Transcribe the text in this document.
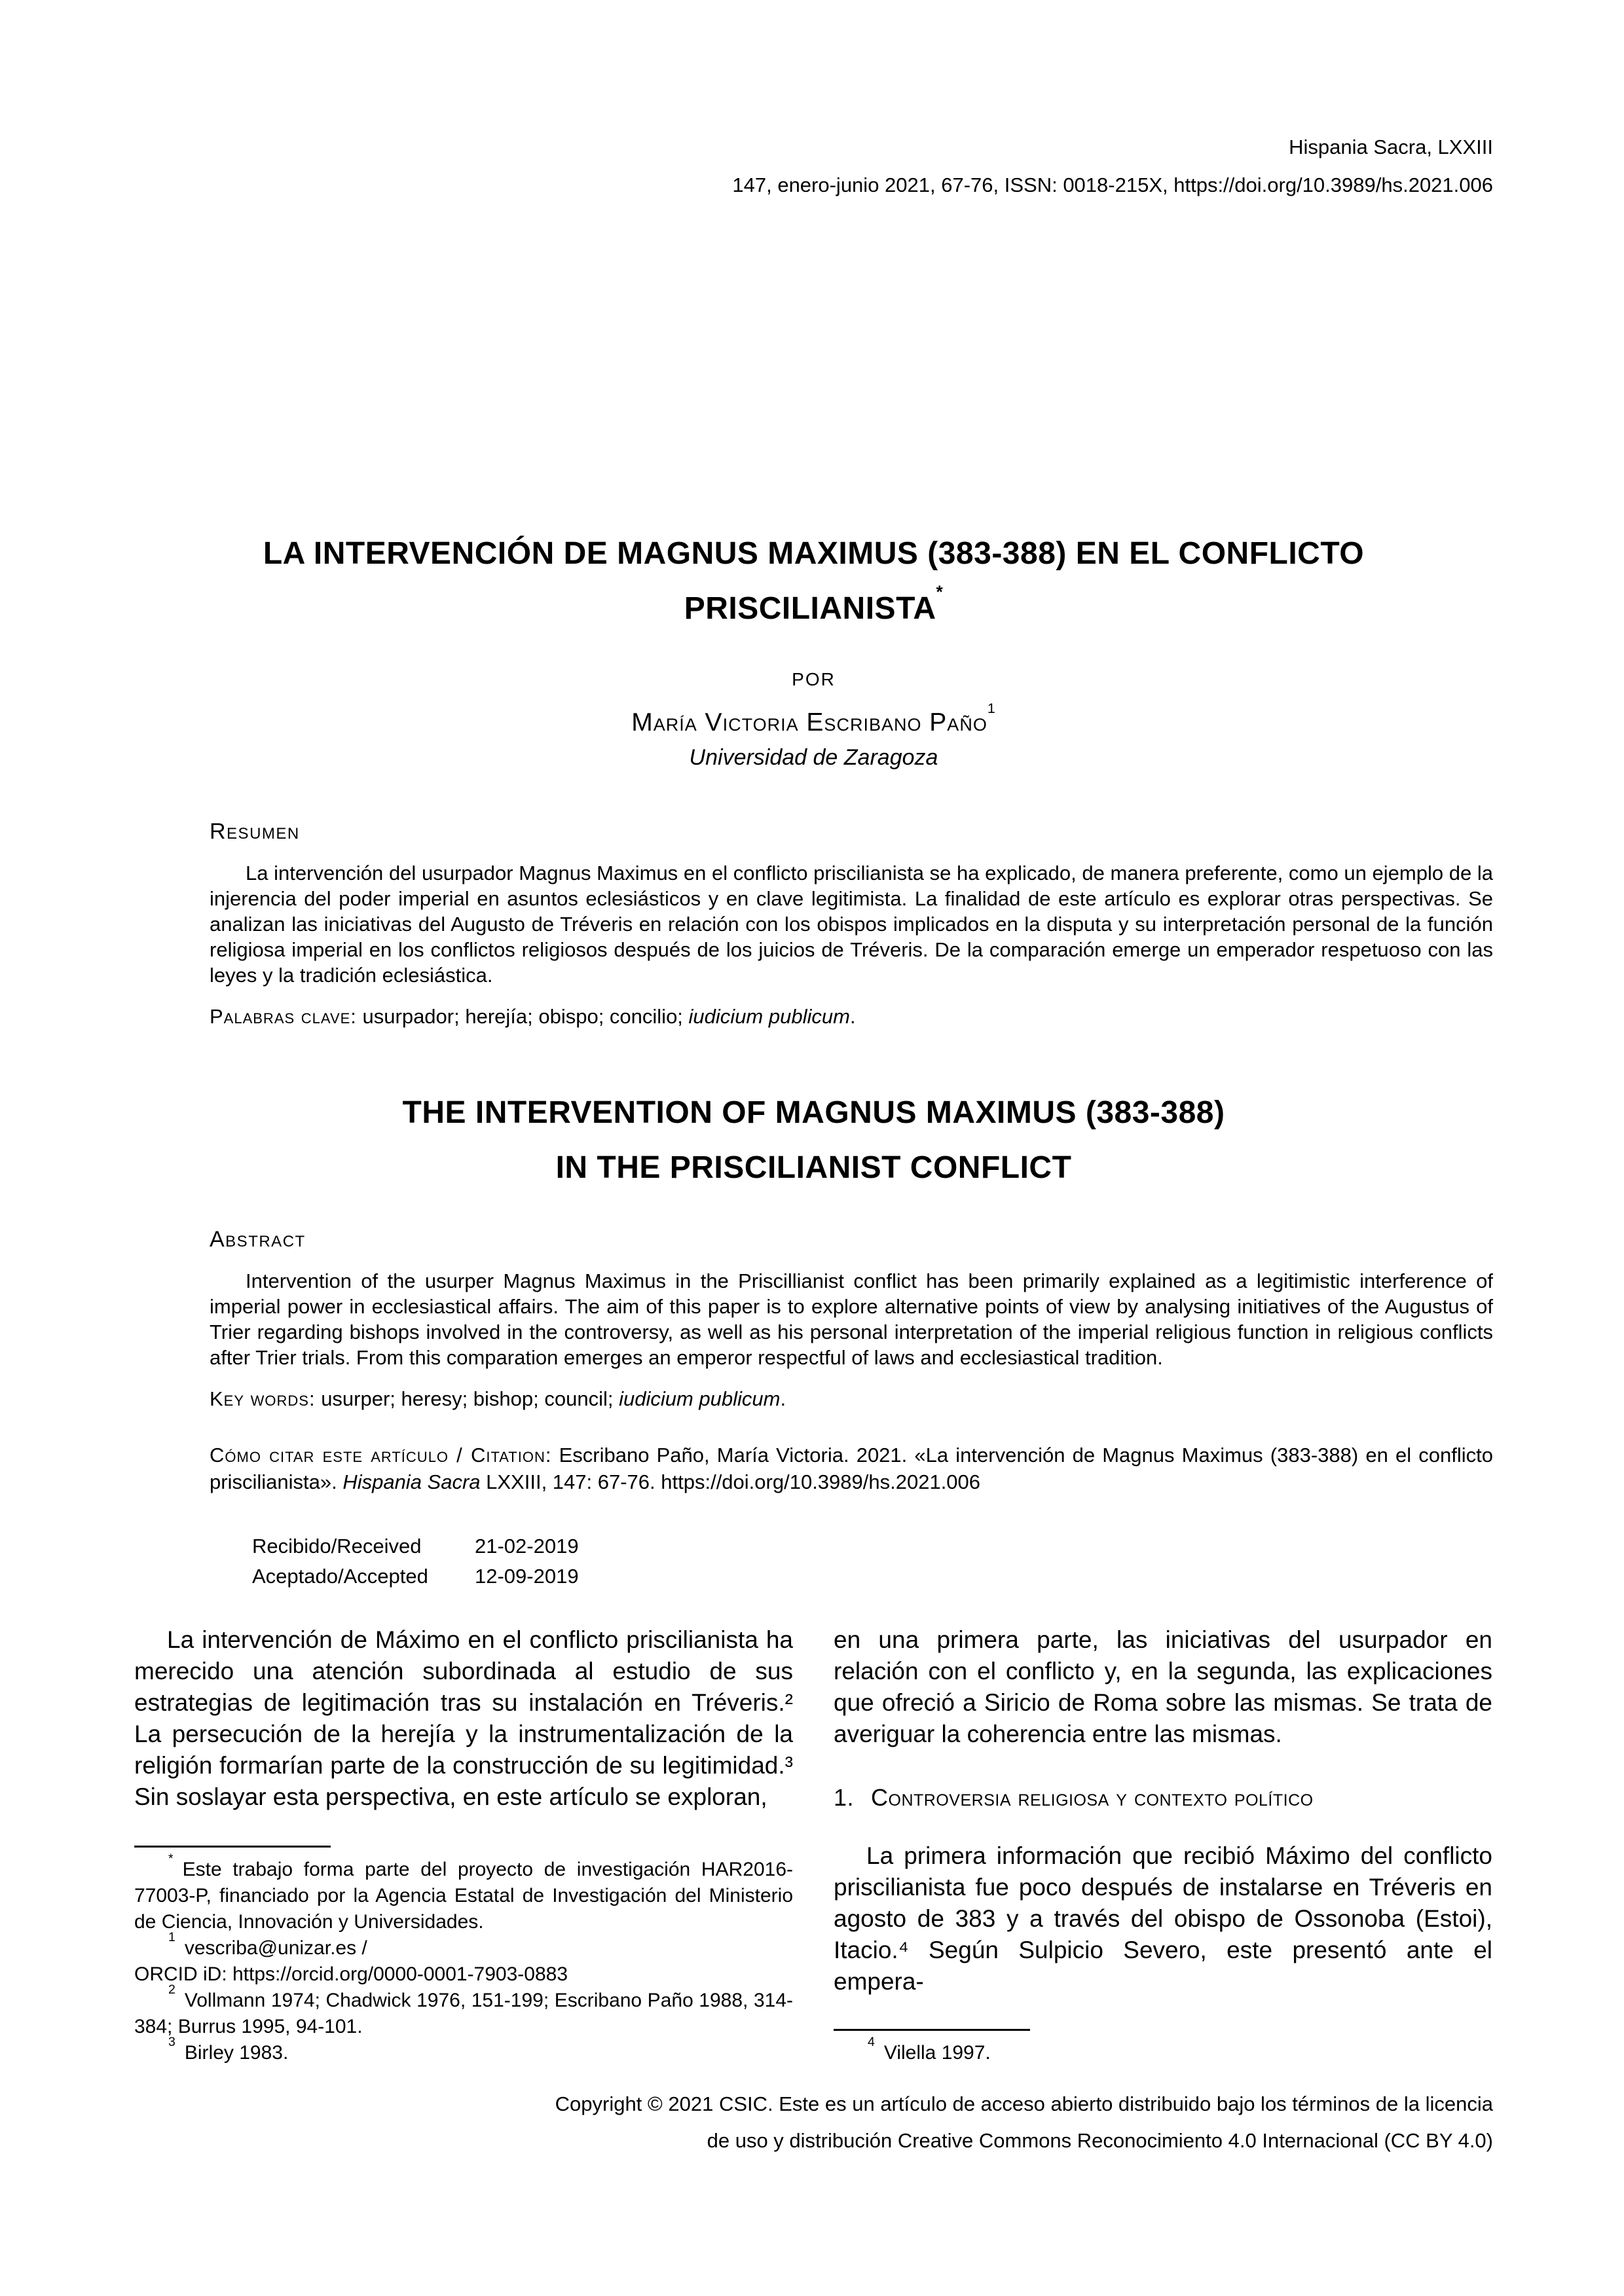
Hispania Sacra, LXXIII
147, enero-junio 2021, 67-76, ISSN: 0018-215X, https://doi.org/10.3989/hs.2021.006
LA INTERVENCIÓN DE MAGNUS MAXIMUS (383-388) EN EL CONFLICTO
PRISCILIANISTA*
POR
María Victoria Escribano Paño$^1$
Universidad de Zaragoza
Resumen

La intervención del usurpador Magnus Maximus en el conflicto priscilianista se ha explicado, de manera preferente, como un ejemplo de la injerencia del poder imperial en asuntos eclesiásticos y en clave legitimista. La finalidad de este artículo es explorar otras perspectivas. Se analizan las iniciativas del Augusto de Tréveris en relación con los obispos implicados en la disputa y su interpretación personal de la función religiosa imperial en los conflictos religiosos después de los juicios de Tréveris. De la comparación emerge un emperador respetuoso con las leyes y la tradición eclesiástica.

Palabras clave: usurpador; herejía; obispo; concilio; iudicium publicum.

THE INTERVENTION OF MAGNUS MAXIMUS (383-388)
IN THE PRISCILIANIST CONFLICT
Abstract

Intervention of the usurper Magnus Maximus in the Priscillianist conflict has been primarily explained as a legitimistic interference of imperial power in ecclesiastical affairs. The aim of this paper is to explore alternative points of view by analysing initiatives of the Augustus of Trier regarding bishops involved in the controversy, as well as his personal interpretation of the imperial religious function in religious conflicts after Trier trials. From this comparation emerges an emperor respectful of laws and ecclesiastical tradition.

Key words: usurper; heresy; bishop; council; iudicium publicum.

Cómo citar este artículo / Citation: Escribano Paño, María Victoria. 2021. «La intervención de Magnus Maximus (383-388) en el conflicto priscilianista». Hispania Sacra LXXIII, 147: 67-76. https://doi.org/10.3989/hs.2021.006

Recibido/Received	21-02-2019
Aceptado/Accepted	12-09-2019

La intervención de Máximo en el conflicto priscilianista ha merecido una atención subordinada al estudio de sus estrategias de legitimación tras su instalación en Tréveris.² La persecución de la herejía y la instrumentalización de la religión formarían parte de la construcción de su legitimidad.³ Sin soslayar esta perspectiva, en este artículo se exploran,

* Este trabajo forma parte del proyecto de investigación HAR2016-77003-P, financiado por la Agencia Estatal de Investigación del Ministerio de Ciencia, Innovación y Universidades.

$^1$ vescriba@unizar.es /
ORCID iD: https://orcid.org/0000-0001-7903-0883

$^2$ Vollmann 1974; Chadwick 1976, 151-199; Escribano Paño 1988, 314-384; Burrus 1995, 94-101.

$^3$ Birley 1983.

en una primera parte, las iniciativas del usurpador en relación con el conflicto y, en la segunda, las explicaciones que ofreció a Siricio de Roma sobre las mismas. Se trata de averiguar la coherencia entre las mismas.

1. Controversia religiosa y contexto político

La primera información que recibió Máximo del conflicto priscilianista fue poco después de instalarse en Tréveris en agosto de 383 y a través del obispo de Ossonoba (Estoi), Itacio.⁴ Según Sulpicio Severo, este presentó ante el empera-

$^4$ Vilella 1997.

Copyright © 2021 CSIC. Este es un artículo de acceso abierto distribuido bajo los términos de la licencia
de uso y distribución Creative Commons Reconocimiento 4.0 Internacional (CC BY 4.0)
